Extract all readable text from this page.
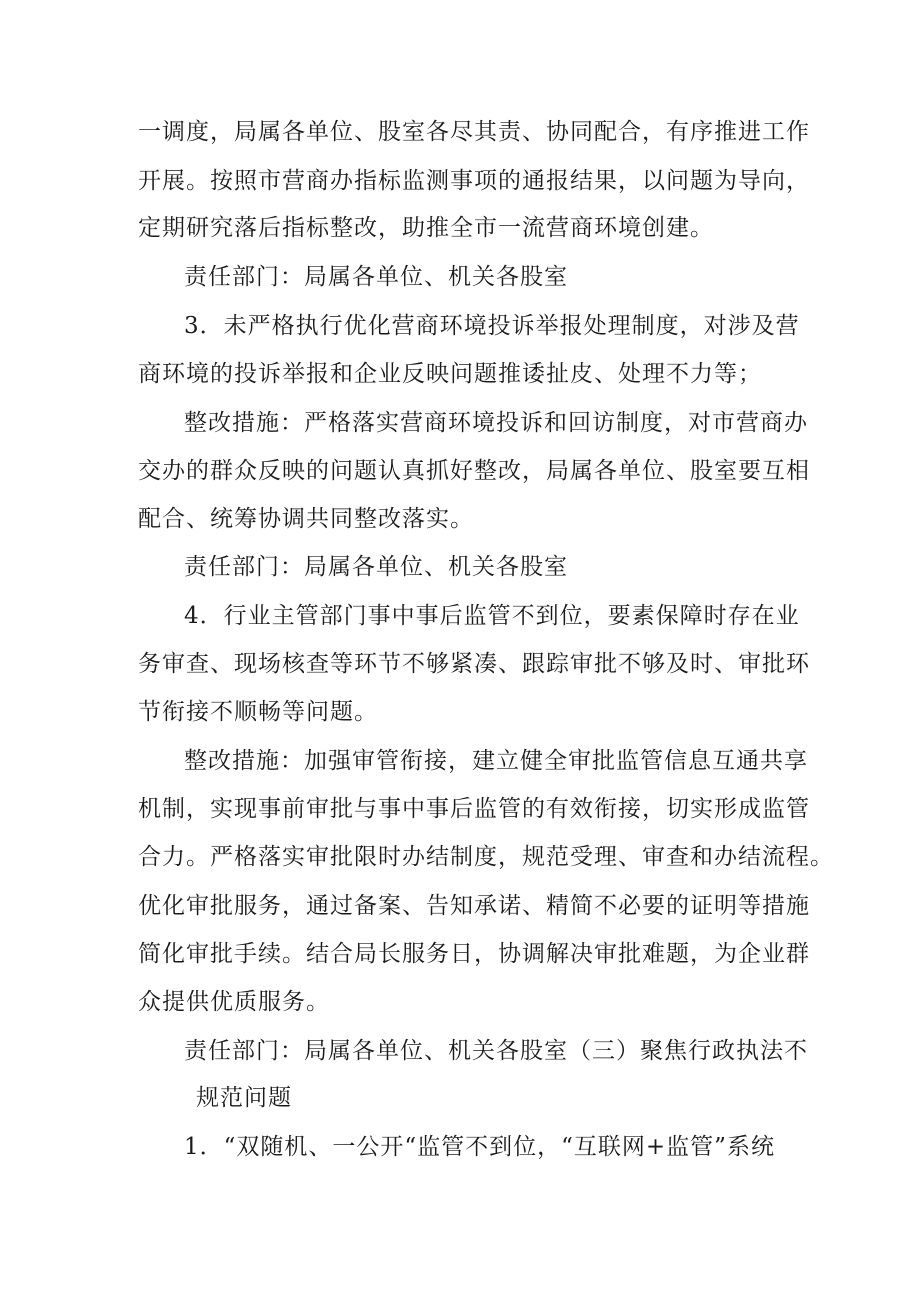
一调度，局属各单位、股室各尽其责、协同配合，有序推进工作
开展。按照市营商办指标监测事项的通报结果，以问题为导向，
定期研究落后指标整改，助推全市一流营商环境创建。
责任部门：局属各单位、机关各股室
3．未严格执行优化营商环境投诉举报处理制度，对涉及营
商环境的投诉举报和企业反映问题推诿扯皮、处理不力等；
整改措施：严格落实营商环境投诉和回访制度，对市营商办
交办的群众反映的问题认真抓好整改，局属各单位、股室要互相
配合、统筹协调共同整改落实。
责任部门：局属各单位、机关各股室
4．行业主管部门事中事后监管不到位，要素保障时存在业
务审查、现场核查等环节不够紧凑、跟踪审批不够及时、审批环
节衔接不顺畅等问题。
整改措施：加强审管衔接，建立健全审批监管信息互通共享
机制，实现事前审批与事中事后监管的有效衔接，切实形成监管
合力。严格落实审批限时办结制度，规范受理、审查和办结流程。
优化审批服务，通过备案、告知承诺、精简不必要的证明等措施
简化审批手续。结合局长服务日，协调解决审批难题，为企业群
众提供优质服务。
责任部门：局属各单位、机关各股室（三）聚焦行政执法不
规范问题
1．“双随机、一公开“监管不到位，“互联网+监管”系统
